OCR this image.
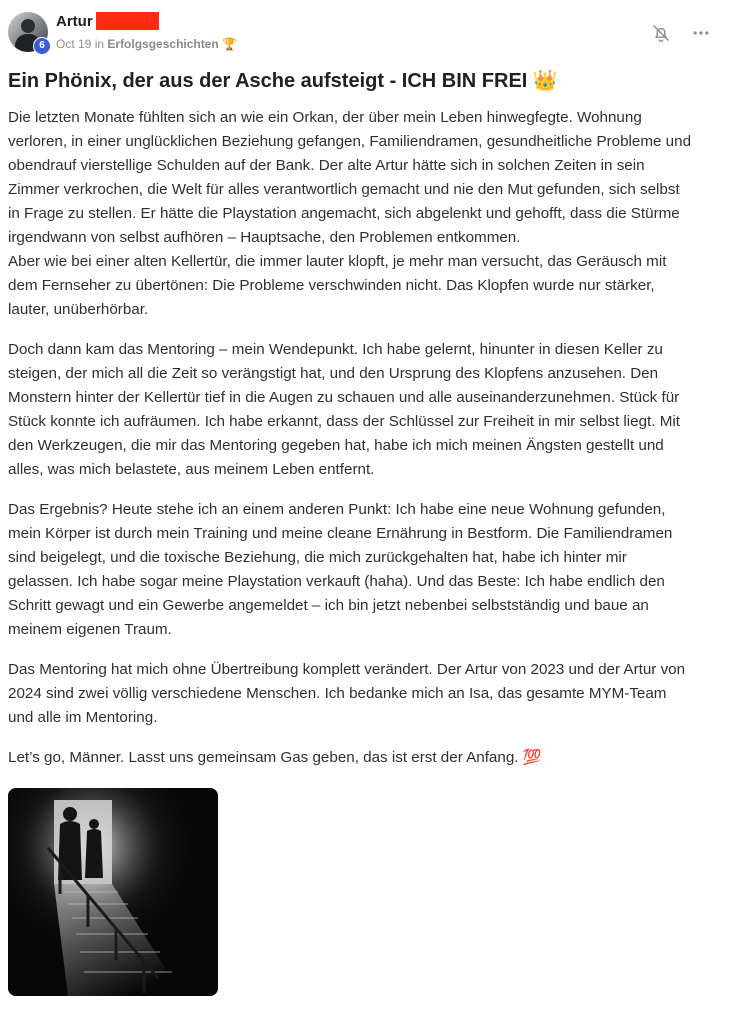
6
Artur
Oct 19 in Erfolgsgeschichten 🏆
Ein Phönix, der aus der Asche aufsteigt - ICH BIN FREI 👑

Die letzten Monate fühlten sich an wie ein Orkan, der über mein Leben hinwegfegte. Wohnung
verloren, in einer unglücklichen Beziehung gefangen, Familiendramen, gesundheitliche Probleme und
obendrauf vierstellige Schulden auf der Bank. Der alte Artur hätte sich in solchen Zeiten in sein
Zimmer verkrochen, die Welt für alles verantwortlich gemacht und nie den Mut gefunden, sich selbst
in Frage zu stellen. Er hätte die Playstation angemacht, sich abgelenkt und gehofft, dass die Stürme
irgendwann von selbst aufhören – Hauptsache, den Problemen entkommen.
Aber wie bei einer alten Kellertür, die immer lauter klopft, je mehr man versucht, das Geräusch mit
dem Fernseher zu übertönen: Die Probleme verschwinden nicht. Das Klopfen wurde nur stärker,
lauter, unüberhörbar.

Doch dann kam das Mentoring – mein Wendepunkt. Ich habe gelernt, hinunter in diesen Keller zu
steigen, der mich all die Zeit so verängstigt hat, und den Ursprung des Klopfens anzusehen. Den
Monstern hinter der Kellertür tief in die Augen zu schauen und alle auseinanderzunehmen. Stück für
Stück konnte ich aufräumen. Ich habe erkannt, dass der Schlüssel zur Freiheit in mir selbst liegt. Mit
den Werkzeugen, die mir das Mentoring gegeben hat, habe ich mich meinen Ängsten gestellt und
alles, was mich belastete, aus meinem Leben entfernt.

Das Ergebnis? Heute stehe ich an einem anderen Punkt: Ich habe eine neue Wohnung gefunden,
mein Körper ist durch mein Training und meine cleane Ernährung in Bestform. Die Familiendramen
sind beigelegt, und die toxische Beziehung, die mich zurückgehalten hat, habe ich hinter mir
gelassen. Ich habe sogar meine Playstation verkauft (haha). Und das Beste: Ich habe endlich den
Schritt gewagt und ein Gewerbe angemeldet – ich bin jetzt nebenbei selbstständig und baue an
meinem eigenen Traum.

Das Mentoring hat mich ohne Übertreibung komplett verändert. Der Artur von 2023 und der Artur von
2024 sind zwei völlig verschiedene Menschen. Ich bedanke mich an Isa, das gesamte MYM-Team
und alle im Mentoring.

Let’s go, Männer. Lasst uns gemeinsam Gas geben, das ist erst der Anfang. 💯
